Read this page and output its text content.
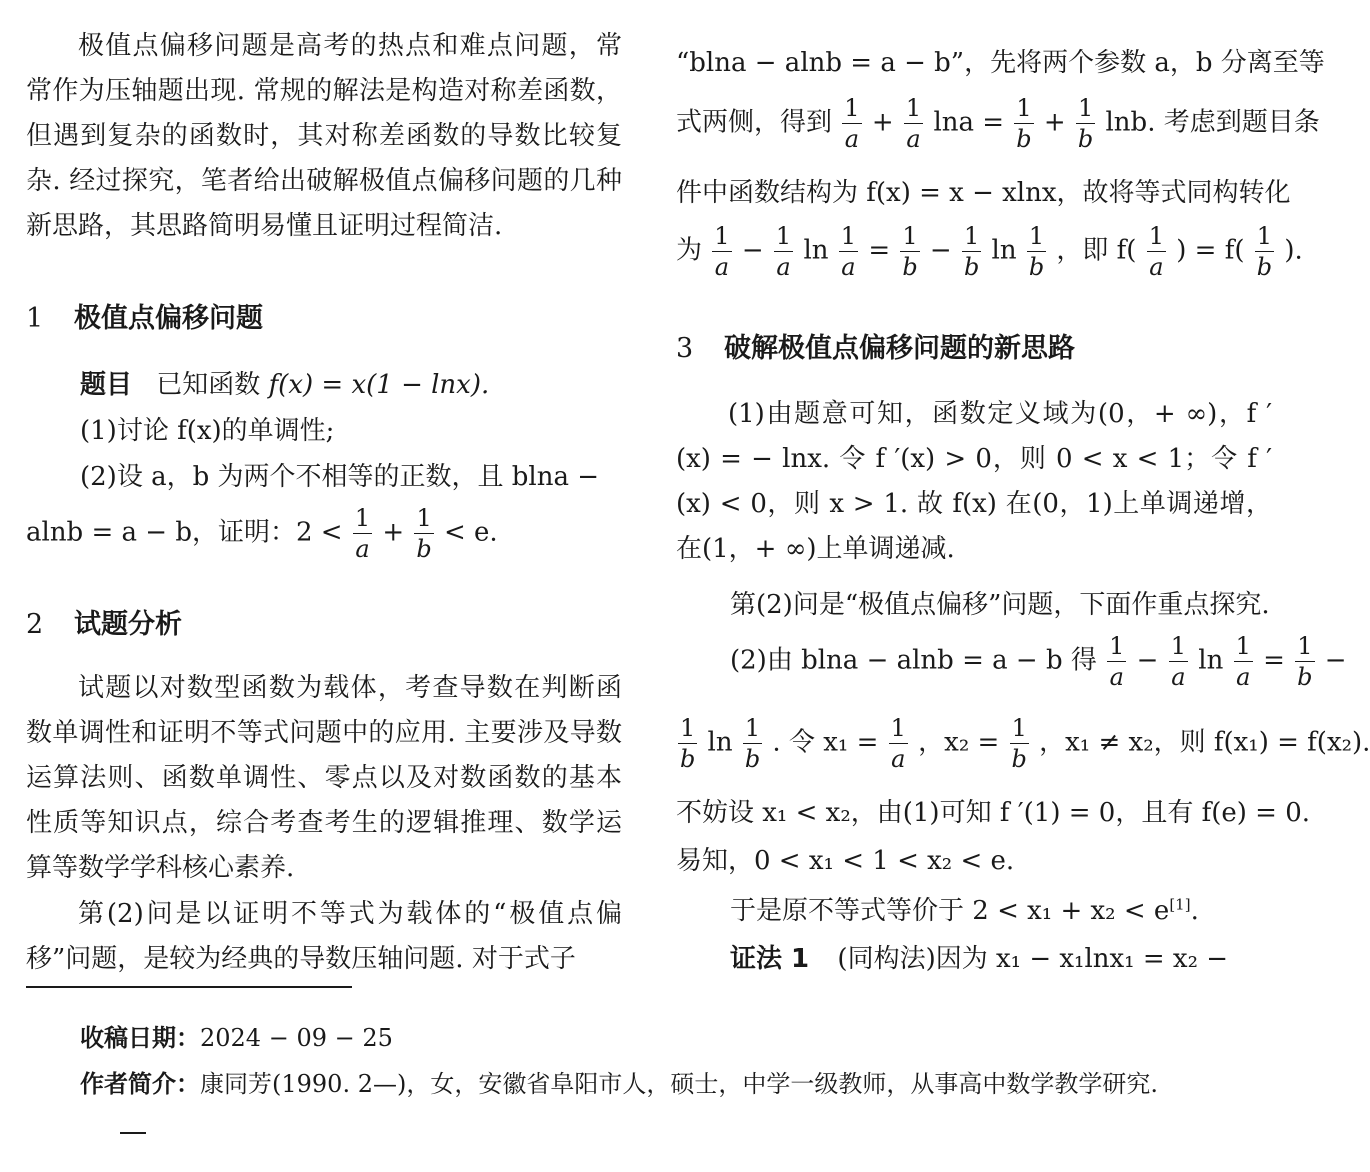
极值点偏移问题是高考的热点和难点问题，常常作为压轴题出现. 常规的解法是构造对称差函数，但遇到复杂的函数时，其对称差函数的导数比较复杂. 经过探究，笔者给出破解极值点偏移问题的几种新思路，其思路简明易懂且证明过程简洁.

1 极值点偏移问题
题目 已知函数 f(x) = x(1 − lnx).
(1)讨论 f(x)的单调性;
(2)设 a，b 为两个不相等的正数，且 blna −
alnb = a − b，证明：$2 < \frac{1}{a} + \frac{1}{b} < e$.
2 试题分析

试题以对数型函数为载体，考查导数在判断函数单调性和证明不等式问题中的应用. 主要涉及导数运算法则、函数单调性、零点以及对数函数的基本性质等知识点，综合考查考生的逻辑推理、数学运算等数学学科核心素养.

第(2)问是以证明不等式为载体的“极值点偏移”问题，是较为经典的导数压轴问题. 对于式子

“blna − alnb = a − b”，先将两个参数 a，b 分离至等
式两侧，得到 $\frac{1}{a} + \frac{1}{a}$ $\ln a = \frac{1}{b} + \frac{1}{b} \ln b$. 考虑到题目条
件中函数结构为 f(x) = x − xlnx，故将等式同构转化
为 $\frac{1}{a} - \frac{1}{a}$ $\ln \frac{1}{a} = \frac{1}{b} - \frac{1}{b}$ $\ln \frac{1}{b}$ ，即 $f( \frac{1}{a}$ ) = $f( \frac{1}{b}$ ).
3 破解极值点偏移问题的新思路

(1)由题意可知，函数定义域为(0，+ ∞)，f ′(x) = − lnx. 令 f ′(x) > 0，则 0 < x < 1；令 f ′(x) < 0，则 x > 1. 故 f(x) 在(0，1)上单调递增，在(1，+ ∞)上单调递减.

第(2)问是“极值点偏移”问题，下面作重点探究.
(2)由 blna − alnb = a − b 得 $\frac{1}{a} - \frac{1}{a}$ $\ln \frac{1}{a} = \frac{1}{b}$ −
$\frac{1}{b}$ $\ln \frac{1}{b}$ . 令 $x_1 = \frac{1}{a}$ ，$x_2 = \frac{1}{b}$ ，x₁ ≠ x₂，则 f(x₁) = f(x₂).
不妨设 x₁ < x₂，由(1)可知 f ′(1) = 0，且有 f(e) = 0.
易知，0 < x₁ < 1 < x₂ < e.
于是原不等式等价于 2 < x₁ + x₂ < e[1].
证法 1 (同构法)因为 x₁ − x₁lnx₁ = x₂ −
收稿日期：2024 − 09 − 25
作者简介：康同芳(1990. 2—)，女，安徽省阜阳市人，硕士，中学一级教师，从事高中数学教学研究.
